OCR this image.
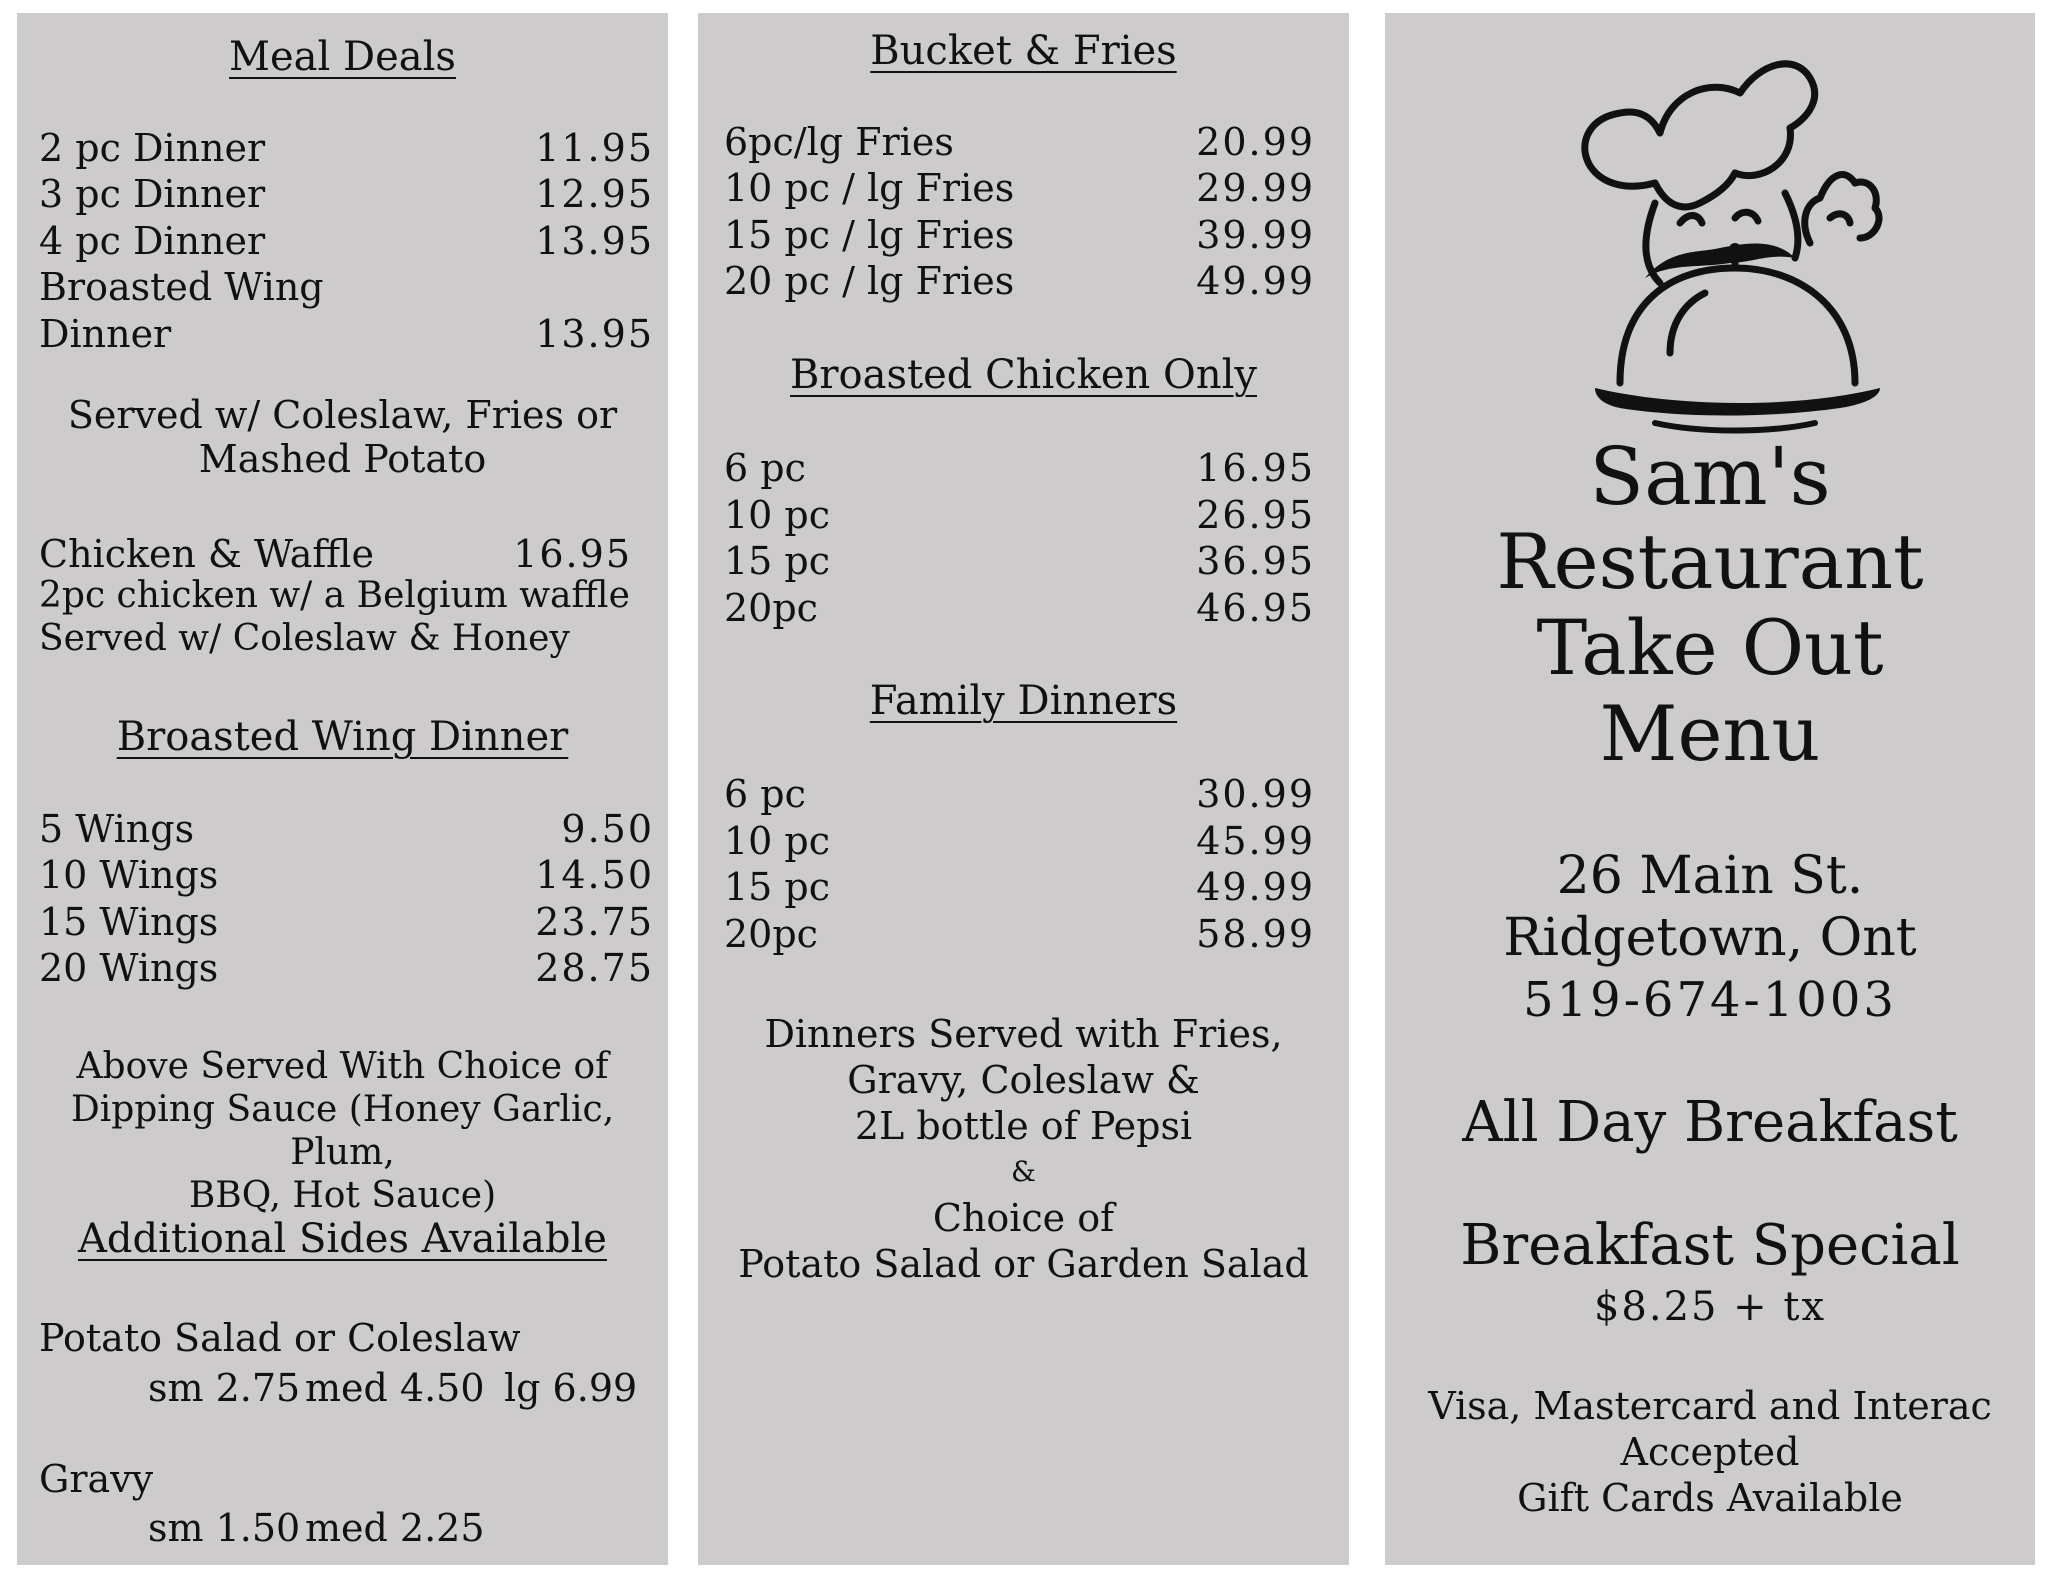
Meal Deals
2 pc Dinner	11.95
3 pc Dinner	12.95
4 pc Dinner	13.95
Broasted Wing
Dinner	13.95
Served w/ Coleslaw, Fries or
Mashed Potato
Chicken & Waffle	16.95
2pc chicken w/ a Belgium waffle
Served w/ Coleslaw & Honey
Broasted Wing Dinner
5 Wings	9.50
10 Wings	14.50
15 Wings	23.75
20 Wings	28.75
Above Served With Choice of
Dipping Sauce (Honey Garlic, Plum,
BBQ, Hot Sauce)
Additional Sides Available
Potato Salad or Coleslaw
sm 2.75 med 4.50 lg 6.99
Gravy
sm 1.50 med 2.25
Bucket & Fries
6pc/lg Fries	20.99
10 pc / lg Fries	29.99
15 pc / lg Fries	39.99
20 pc / lg Fries	49.99
Broasted Chicken Only
6 pc	16.95
10 pc	26.95
15 pc	36.95
20pc	46.95
Family Dinners
6 pc	30.99
10 pc	45.99
15 pc	49.99
20pc	58.99
Dinners Served with Fries,
Gravy, Coleslaw &
2L bottle of Pepsi
&
Choice of
Potato Salad or Garden Salad
Sam's
Restaurant
Take Out
Menu
26 Main St.
Ridgetown, Ont
519-674-1003
All Day Breakfast
Breakfast Special
$8.25 + tx
Visa, Mastercard and Interac
Accepted
Gift Cards Available
